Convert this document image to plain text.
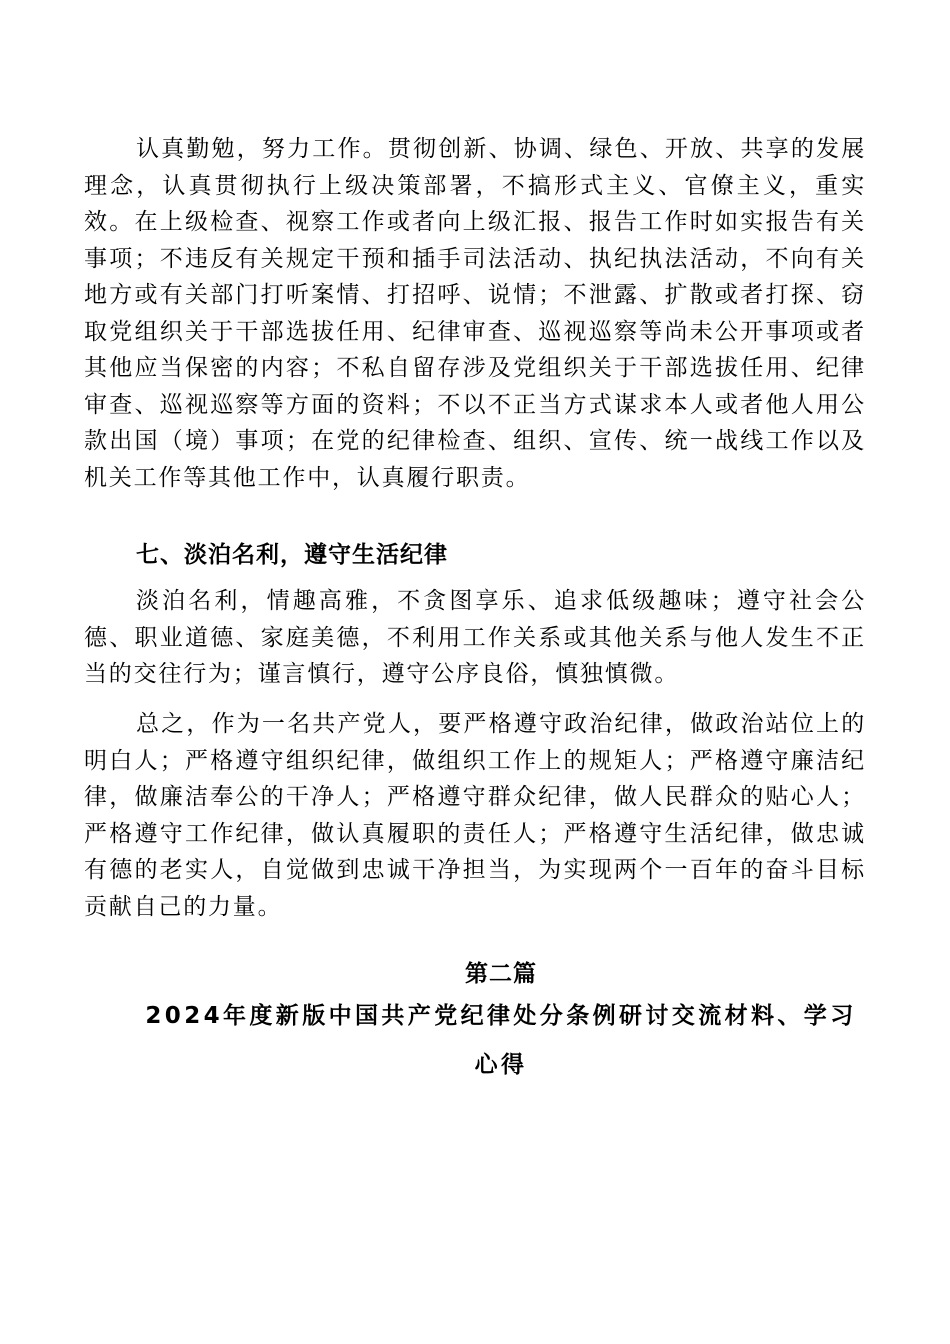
认真勤勉，努力工作。贯彻创新、协调、绿色、开放、共享的发展理念，认真贯彻执行上级决策部署，不搞形式主义、官僚主义，重实效。在上级检查、视察工作或者向上级汇报、报告工作时如实报告有关事项；不违反有关规定干预和插手司法活动、执纪执法活动，不向有关地方或有关部门打听案情、打招呼、说情；不泄露、扩散或者打探、窃取党组织关于干部选拔任用、纪律审查、巡视巡察等尚未公开事项或者其他应当保密的内容；不私自留存涉及党组织关于干部选拔任用、纪律审查、巡视巡察等方面的资料；不以不正当方式谋求本人或者他人用公款出国（境）事项；在党的纪律检查、组织、宣传、统一战线工作以及机关工作等其他工作中，认真履行职责。

七、淡泊名利，遵守生活纪律

淡泊名利，情趣高雅，不贪图享乐、追求低级趣味；遵守社会公德、职业道德、家庭美德，不利用工作关系或其他关系与他人发生不正当的交往行为；谨言慎行，遵守公序良俗，慎独慎微。

总之，作为一名共产党人，要严格遵守政治纪律，做政治站位上的明白人；严格遵守组织纪律，做组织工作上的规矩人；严格遵守廉洁纪律，做廉洁奉公的干净人；严格遵守群众纪律，做人民群众的贴心人；严格遵守工作纪律，做认真履职的责任人；严格遵守生活纪律，做忠诚有德的老实人，自觉做到忠诚干净担当，为实现两个一百年的奋斗目标贡献自己的力量。

第二篇
2024年度新版中国共产党纪律处分条例研讨交流材料、学习心得
